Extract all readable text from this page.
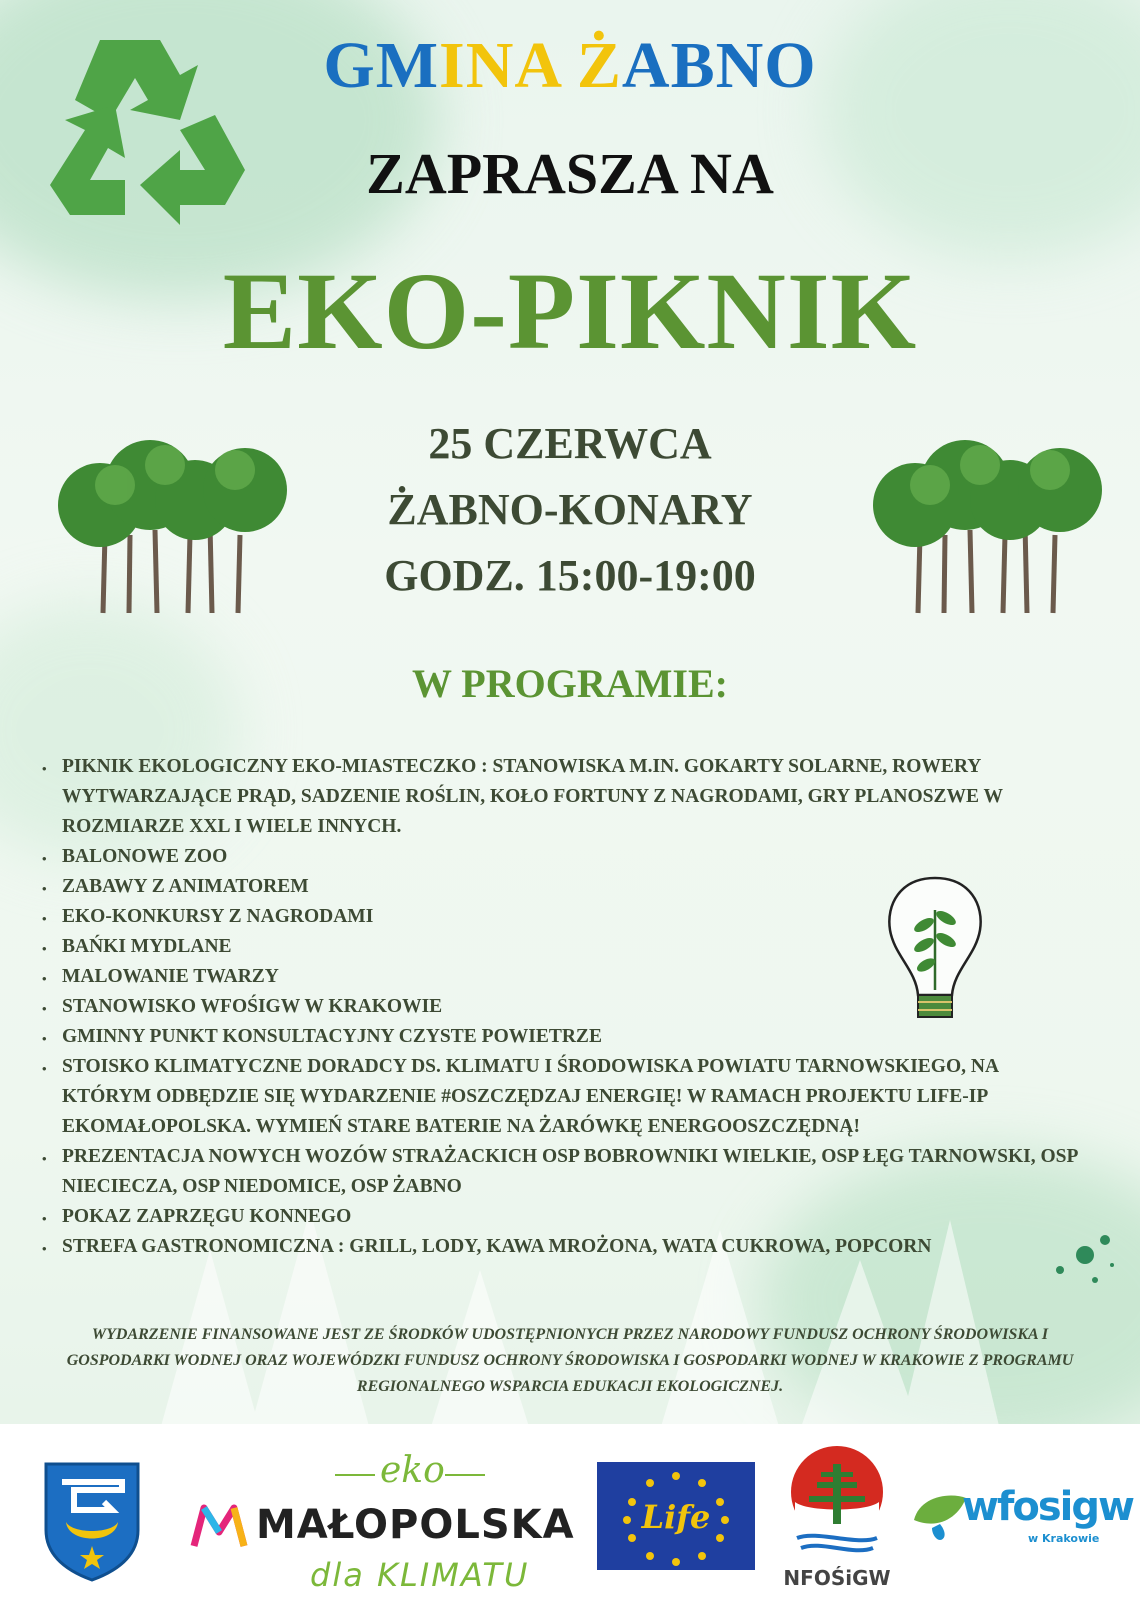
GMINA ŻABNO
ZAPRASZA NA
EKO-PIKNIK
25 CZERWCA
ŻABNO-KONARY
GODZ. 15:00-19:00
W PROGRAMIE:
• PIKNIK EKOLOGICZNY EKO-MIASTECZKO : STANOWISKA M.IN. GOKARTY SOLARNE, ROWERY WYTWARZAJĄCE PRĄD, SADZENIE ROŚLIN, KOŁO FORTUNY Z NAGRODAMI, GRY PLANOSZWE W ROZMIARZE XXL I WIELE INNYCH.
• BALONOWE ZOO
• ZABAWY Z ANIMATOREM
• EKO-KONKURSY Z NAGRODAMI
• BAŃKI MYDLANE
• MALOWANIE TWARZY
• STANOWISKO WFOŚIGW W KRAKOWIE
• GMINNY PUNKT KONSULTACYJNY CZYSTE POWIETRZE
• STOISKO KLIMATYCZNE DORADCY DS. KLIMATU I ŚRODOWISKA POWIATU TARNOWSKIEGO, NA KTÓRYM ODBĘDZIE SIĘ WYDARZENIE #OSZCZĘDZAJ ENERGIĘ! W RAMACH PROJEKTU LIFE-IP EKOMAŁOPOLSKA. WYMIEŃ STARE BATERIE NA ŻARÓWKĘ ENERGOOSZCZĘDNĄ!
• PREZENTACJA NOWYCH WOZÓW STRAŻACKICH OSP BOBROWNIKI WIELKIE, OSP ŁĘG TARNOWSKI, OSP NIECIECZA, OSP NIEDOMICE, OSP ŻABNO
• POKAZ ZAPRZĘGU KONNEGO
• STREFA GASTRONOMICZNA : GRILL, LODY, KAWA MROŻONA, WATA CUKROWA, POPCORN
WYDARZENIE FINANSOWANE JEST ZE ŚRODKÓW UDOSTĘPNIONYCH PRZEZ NARODOWY FUNDUSZ OCHRONY ŚRODOWISKA I GOSPODARKI WODNEJ ORAZ WOJEWÓDZKI FUNDUSZ OCHRONY ŚRODOWISKA I GOSPODARKI WODNEJ W KRAKOWIE Z PROGRAMU REGIONALNEGO WSPARCIA EDUKACJI EKOLOGICZNEJ.
eko
MAŁOPOLSKA
dla KLIMATU
Life
NFOŚiGW
wfosigw
w Krakowie
